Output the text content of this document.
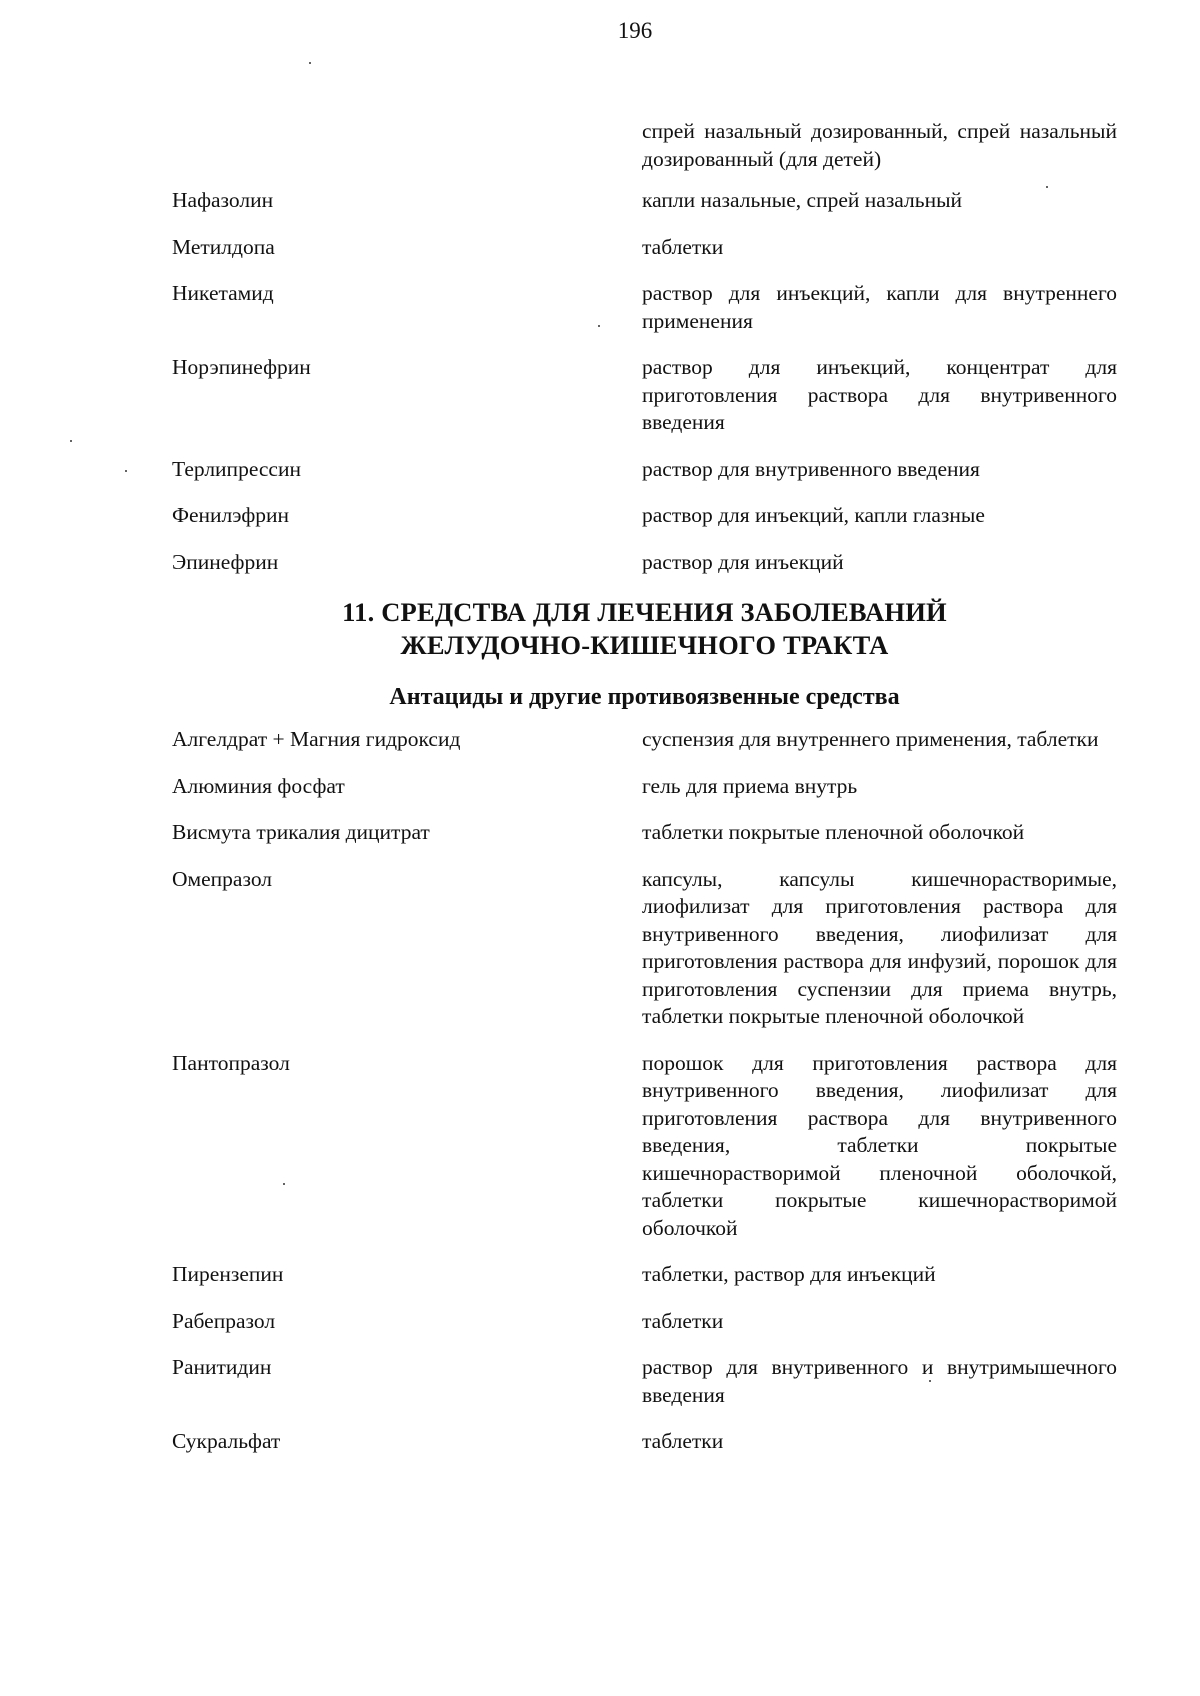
196
спрей назальный дозированный, спрей назальный дозированный (для детей)
Нафазолин	капли назальные, спрей назальный
Метилдопа	таблетки
Никетамид	раствор для инъекций, капли для внутреннего применения
Норэпинефрин	раствор для инъекций, концентрат для приготовления раствора для внутривенного введения
Терлипрессин	раствор для внутривенного введения
Фенилэфрин	раствор для инъекций, капли глазные
Эпинефрин	раствор для инъекций
11. СРЕДСТВА ДЛЯ ЛЕЧЕНИЯ ЗАБОЛЕВАНИЙ
ЖЕЛУДОЧНО-КИШЕЧНОГО ТРАКТА
Антациды и другие противоязвенные средства
Алгелдрат + Магния гидроксид	суспензия для внутреннего применения, таблетки
Алюминия фосфат	гель для приема внутрь
Висмута трикалия дицитрат	таблетки покрытые пленочной оболочкой
Омепразол	капсулы, капсулы кишечнорастворимые, лиофилизат для приготовления раствора для внутривенного введения, лиофилизат для приготовления раствора для инфузий, порошок для приготовления суспензии для приема внутрь, таблетки покрытые пленочной оболочкой
Пантопразол	порошок для приготовления раствора для внутривенного введения, лиофилизат для приготовления раствора для внутривенного введения, таблетки покрытые кишечнорастворимой пленочной оболочкой, таблетки покрытые кишечнорастворимой оболочкой
Пирензепин	таблетки, раствор для инъекций
Рабепразол	таблетки
Ранитидин	раствор для внутривенного и внутримышечного введения
Сукральфат	таблетки
